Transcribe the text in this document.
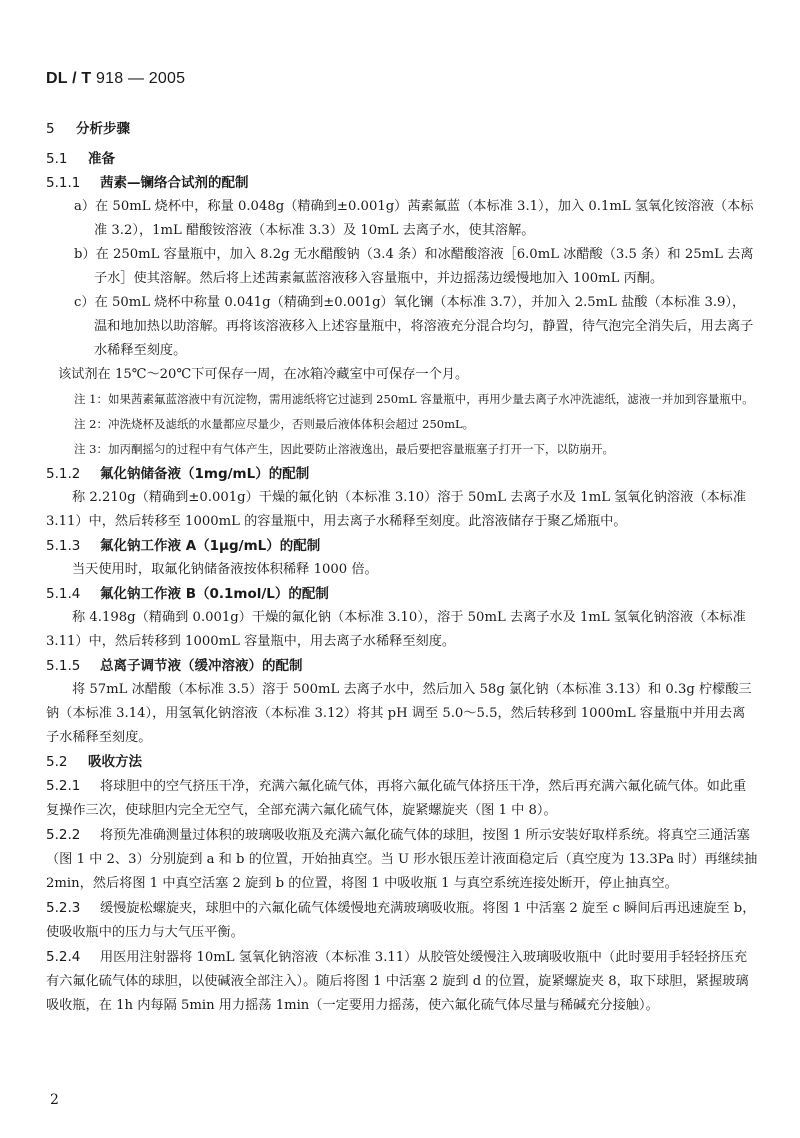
DL / T 918 — 2005
5 分析步骤
5.1 准备
5.1.1 茜素—镧络合试剂的配制
a）在 50mL 烧杯中，称量 0.048g（精确到±0.001g）茜素氟蓝（本标准 3.1），加入 0.1mL 氢氧化铵溶液（本标准 3.2），1mL 醋酸铵溶液（本标准 3.3）及 10mL 去离子水，使其溶解。
b）在 250mL 容量瓶中，加入 8.2g 无水醋酸钠（3.4 条）和冰醋酸溶液［6.0mL 冰醋酸（3.5 条）和 25mL 去离子水］使其溶解。然后将上述茜素氟蓝溶液移入容量瓶中，并边摇荡边缓慢地加入 100mL 丙酮。
c）在 50mL 烧杯中称量 0.041g（精确到±0.001g）氧化镧（本标准 3.7），并加入 2.5mL 盐酸（本标准 3.9），温和地加热以助溶解。再将该溶液移入上述容量瓶中，将溶液充分混合均匀，静置，待气泡完全消失后，用去离子水稀释至刻度。
该试剂在 15℃～20℃下可保存一周，在冰箱冷藏室中可保存一个月。
注 1：如果茜素氟蓝溶液中有沉淀物，需用滤纸将它过滤到 250mL 容量瓶中，再用少量去离子水冲洗滤纸，滤液一并加到容量瓶中。
注 2：冲洗烧杯及滤纸的水量都应尽量少，否则最后液体体积会超过 250mL。
注 3：加丙酮摇匀的过程中有气体产生，因此要防止溶液逸出，最后要把容量瓶塞子打开一下，以防崩开。
5.1.2 氟化钠储备液（1mg/mL）的配制
称 2.210g（精确到±0.001g）干燥的氟化钠（本标准 3.10）溶于 50mL 去离子水及 1mL 氢氧化钠溶液（本标准 3.11）中，然后转移至 1000mL 的容量瓶中，用去离子水稀释至刻度。此溶液储存于聚乙烯瓶中。
5.1.3 氟化钠工作液 A（1μg/mL）的配制
当天使用时，取氟化钠储备液按体积稀释 1000 倍。
5.1.4 氟化钠工作液 B（0.1mol/L）的配制
称 4.198g（精确到 0.001g）干燥的氟化钠（本标准 3.10），溶于 50mL 去离子水及 1mL 氢氧化钠溶液（本标准 3.11）中，然后转移到 1000mL 容量瓶中，用去离子水稀释至刻度。
5.1.5 总离子调节液（缓冲溶液）的配制
将 57mL 冰醋酸（本标准 3.5）溶于 500mL 去离子水中，然后加入 58g 氯化钠（本标准 3.13）和 0.3g 柠檬酸三钠（本标准 3.14），用氢氧化钠溶液（本标准 3.12）将其 pH 调至 5.0～5.5，然后转移到 1000mL 容量瓶中并用去离子水稀释至刻度。
5.2 吸收方法
5.2.1 将球胆中的空气挤压干净，充满六氟化硫气体，再将六氟化硫气体挤压干净，然后再充满六氟化硫气体。如此重复操作三次，使球胆内完全无空气，全部充满六氟化硫气体，旋紧螺旋夹（图 1 中 8）。
5.2.2 将预先准确测量过体积的玻璃吸收瓶及充满六氟化硫气体的球胆，按图 1 所示安装好取样系统。将真空三通活塞（图 1 中 2、3）分别旋到 a 和 b 的位置，开始抽真空。当 U 形水银压差计液面稳定后（真空度为 13.3Pa 时）再继续抽 2min，然后将图 1 中真空活塞 2 旋到 b 的位置，将图 1 中吸收瓶 1 与真空系统连接处断开，停止抽真空。
5.2.3 缓慢旋松螺旋夹，球胆中的六氟化硫气体缓慢地充满玻璃吸收瓶。将图 1 中活塞 2 旋至 c 瞬间后再迅速旋至 b，使吸收瓶中的压力与大气压平衡。
5.2.4 用医用注射器将 10mL 氢氧化钠溶液（本标准 3.11）从胶管处缓慢注入玻璃吸收瓶中（此时要用手轻轻挤压充有六氟化硫气体的球胆，以使碱液全部注入）。随后将图 1 中活塞 2 旋到 d 的位置，旋紧螺旋夹 8，取下球胆，紧握玻璃吸收瓶，在 1h 内每隔 5min 用力摇荡 1min（一定要用力摇荡，使六氟化硫气体尽量与稀碱充分接触）。
2
